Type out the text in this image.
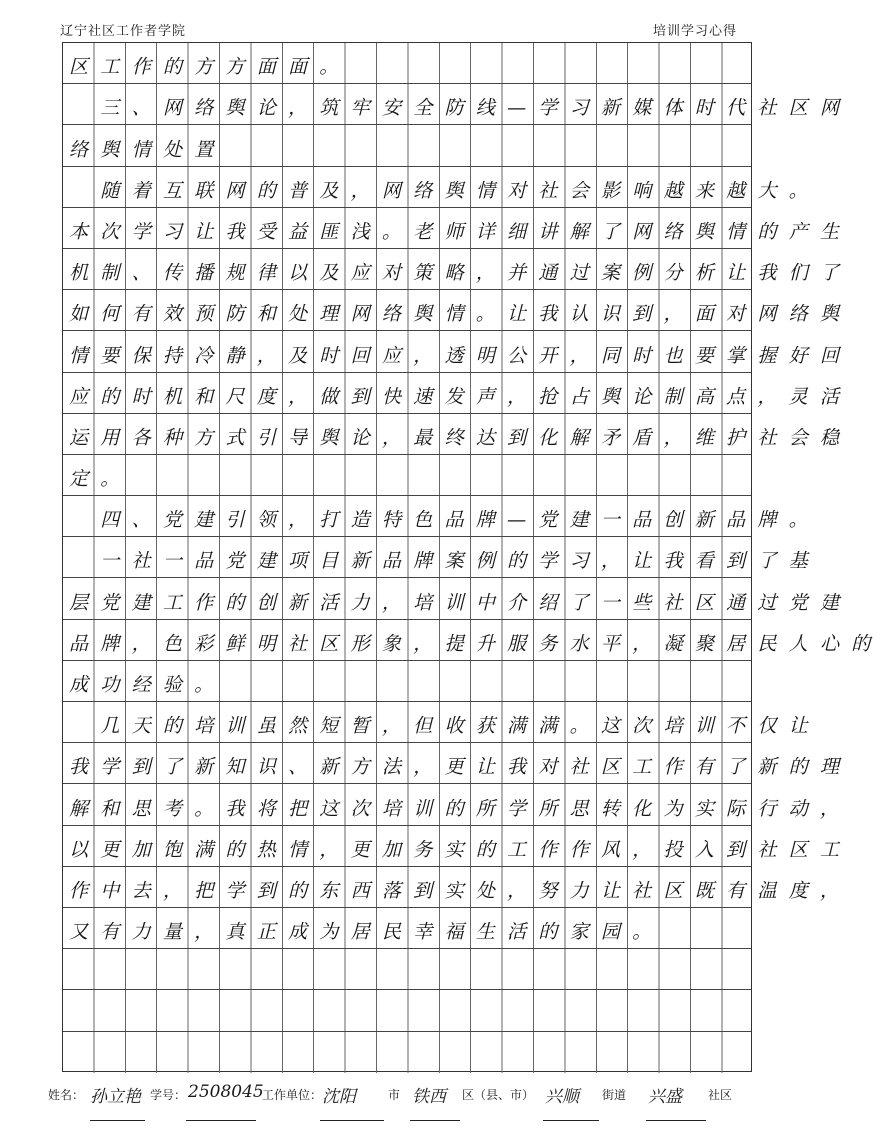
辽宁社区工作者学院	培训学习心得
区工作的方方面面。
　三、网络舆论，筑牢安全防线—学习新媒体时代社区网
络舆情处置
　随着互联网的普及，网络舆情对社会影响越来越大。
本次学习让我受益匪浅。老师详细讲解了网络舆情的产生
机制、传播规律以及应对策略，并通过案例分析让我们了
如何有效预防和处理网络舆情。让我认识到，面对网络舆
情要保持冷静，及时回应，透明公开，同时也要掌握好回
应的时机和尺度，做到快速发声，抢占舆论制高点，灵活
运用各种方式引导舆论，最终达到化解矛盾，维护社会稳
定。
　四、党建引领，打造特色品牌—党建一品创新品牌。
　一社一品党建项目新品牌案例的学习，让我看到了基
层党建工作的创新活力，培训中介绍了一些社区通过党建
品牌，色彩鲜明社区形象，提升服务水平，凝聚居民人心的
成功经验。
　几天的培训虽然短暂，但收获满满。这次培训不仅让
我学到了新知识、新方法，更让我对社区工作有了新的理
解和思考。我将把这次培训的所学所思转化为实际行动，
以更加饱满的热情，更加务实的工作作风，投入到社区工
作中去，把学到的东西落到实处，努力让社区既有温度，
又有力量，真正成为居民幸福生活的家园。
姓名： 孙立艳 学号： 2508045
工作单位： 沈阳	市 铁西 区（县、市） 兴顺 街道 兴盛 社区
